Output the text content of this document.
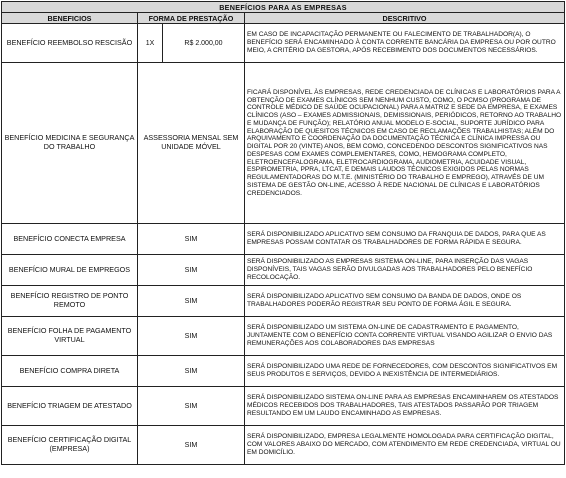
BENEFÍCIOS PARA AS EMPRESAS			
BENEFICIOS	FORMA DE PRESTAÇÃO		DESCRITIVO
BENEFÍCIO REEMBOLSO RESCISÃO	1X	R$ 2.000,00	EM CASO DE INCAPACITAÇÃO PERMANENTE OU FALECIMENTO DE TRABALHADOR(A), O BENEFÍCIO SERÁ ENCAMINHADO À CONTA CORRENTE BANCÁRIA DA EMPRESA OU POR OUTRO MEIO, A CRITÉRIO DA GESTORA, APÓS RECEBIMENTO DOS DOCUMENTOS NECESSÁRIOS.
BENEFÍCIO MEDICINA E SEGURANÇA DO TRABALHO	ASSESSORIA MENSAL SEM UNIDADE MÓVEL		FICARÁ DISPONÍVEL ÀS EMPRESAS, REDE CREDENCIADA DE CLÍNICAS E LABORATÓRIOS PARA A OBTENÇÃO DE EXAMES CLÍNICOS SEM NENHUM CUSTO, COMO, O PCMSO (PROGRAMA DE CONTROLE MÉDICO DE SAÚDE OCUPACIONAL) PARA A MATRIZ E SEDE DA EMPRESA, E EXAMES CLÍNICOS (ASO – EXAMES ADMISSIONAIS, DEMISSIONAIS, PERIÓDICOS, RETORNO AO TRABALHO E MUDANÇA DE FUNÇÃO); RELATÓRIO ANUAL MODELO E-SOCIAL, SUPORTE JURÍDICO PARA ELABORAÇÃO DE QUESITOS TÉCNICOS EM CASO DE RECLAMAÇÕES TRABALHISTAS; ALÉM DO ARQUIVAMENTO E COORDENAÇÃO DA DOCUMENTAÇÃO TÉCNICA E CLÍNICA IMPRESSA OU DIGITAL POR 20 (VINTE) ANOS, BEM COMO, CONCEDENDO DESCONTOS SIGNIFICATIVOS NAS DESPESAS COM EXAMES COMPLEMENTARES, COMO, HEMOGRAMA COMPLETO, ELETROENCEFALOGRAMA, ELETROCARDIOGRAMA, AUDIOMETRIA, ACUIDADE VISUAL, ESPIROMETRIA, PPRA, LTCAT, E DEMAIS LAUDOS TÉCNICOS EXIGIDOS PELAS NORMAS REGULAMENTADORAS DO M.T.E. (MINISTÉRIO DO TRABALHO E EMPREGO), ATRAVÉS DE UM SISTEMA DE GESTÃO ON-LINE, ACESSO À REDE NACIONAL DE CLÍNICAS E LABORATÓRIOS CREDENCIADOS.
BENEFÍCIO CONECTA EMPRESA	SIM		SERÁ DISPONIBILIZADO APLICATIVO SEM CONSUMO DA FRANQUIA DE DADOS, PARA QUE AS EMPRESAS POSSAM CONTATAR OS TRABALHADORES DE FORMA RÁPIDA E SEGURA.
BENEFÍCIO MURAL DE EMPREGOS	SIM		SERÁ DISPONIBILIZADO AS EMPRESAS SISTEMA ON-LINE, PARA INSERÇÃO DAS VAGAS DISPONÍVEIS, TAIS VAGAS SERÃO DIVULGADAS AOS TRABALHADORES PELO BENEFÍCIO RECOLOCAÇÃO.
BENEFÍCIO REGISTRO DE PONTO REMOTO	SIM		SERÁ DISPONIBILIZADO APLICATIVO SEM CONSUMO DA BANDA DE DADOS, ONDE OS TRABALHADORES PODERÃO REGISTRAR SEU PONTO DE FORMA ÁGIL E SEGURA.
BENEFÍCIO FOLHA DE PAGAMENTO VIRTUAL	SIM		SERÁ DISPONIBILIZADO UM SISTEMA ON-LINE DE CADASTRAMENTO E PAGAMENTO, JUNTAMENTE COM O BENEFÍCIO CONTA CORRENTE VIRTUAL VISANDO AGILIZAR O ENVIO DAS REMUNERAÇÕES AOS COLABORADORES DAS EMPRESAS
BENEFÍCIO COMPRA DIRETA	SIM		SERÁ DISPONIBILIZADO UMA REDE DE FORNECEDORES, COM DESCONTOS SIGNIFICATIVOS EM SEUS PRODUTOS E SERVIÇOS, DEVIDO A INEXISTÊNCIA DE INTERMEDIÁRIOS.
BENEFÍCIO TRIAGEM DE ATESTADO	SIM		SERÁ DISPONIBILIZADO SISTEMA ON-LINE PARA AS EMPRESAS ENCAMINHAREM OS ATESTADOS MÉDICOS RECEBIDOS DOS TRABALHADORES, TAIS ATESTADOS PASSARÃO POR TRIAGEM RESULTANDO EM UM LAUDO ENCAMINHADO AS EMPRESAS.
BENEFÍCIO CERTIFICAÇÃO DIGITAL (EMPRESA)	SIM		SERÁ DISPONIBILIZADO, EMPRESA LEGALMENTE HOMOLOGADA PARA CERTIFICAÇÃO DIGITAL, COM VALORES ABAIXO DO MERCADO, COM ATENDIMENTO EM REDE CREDENCIADA, VIRTUAL OU EM DOMICÍLIO.
